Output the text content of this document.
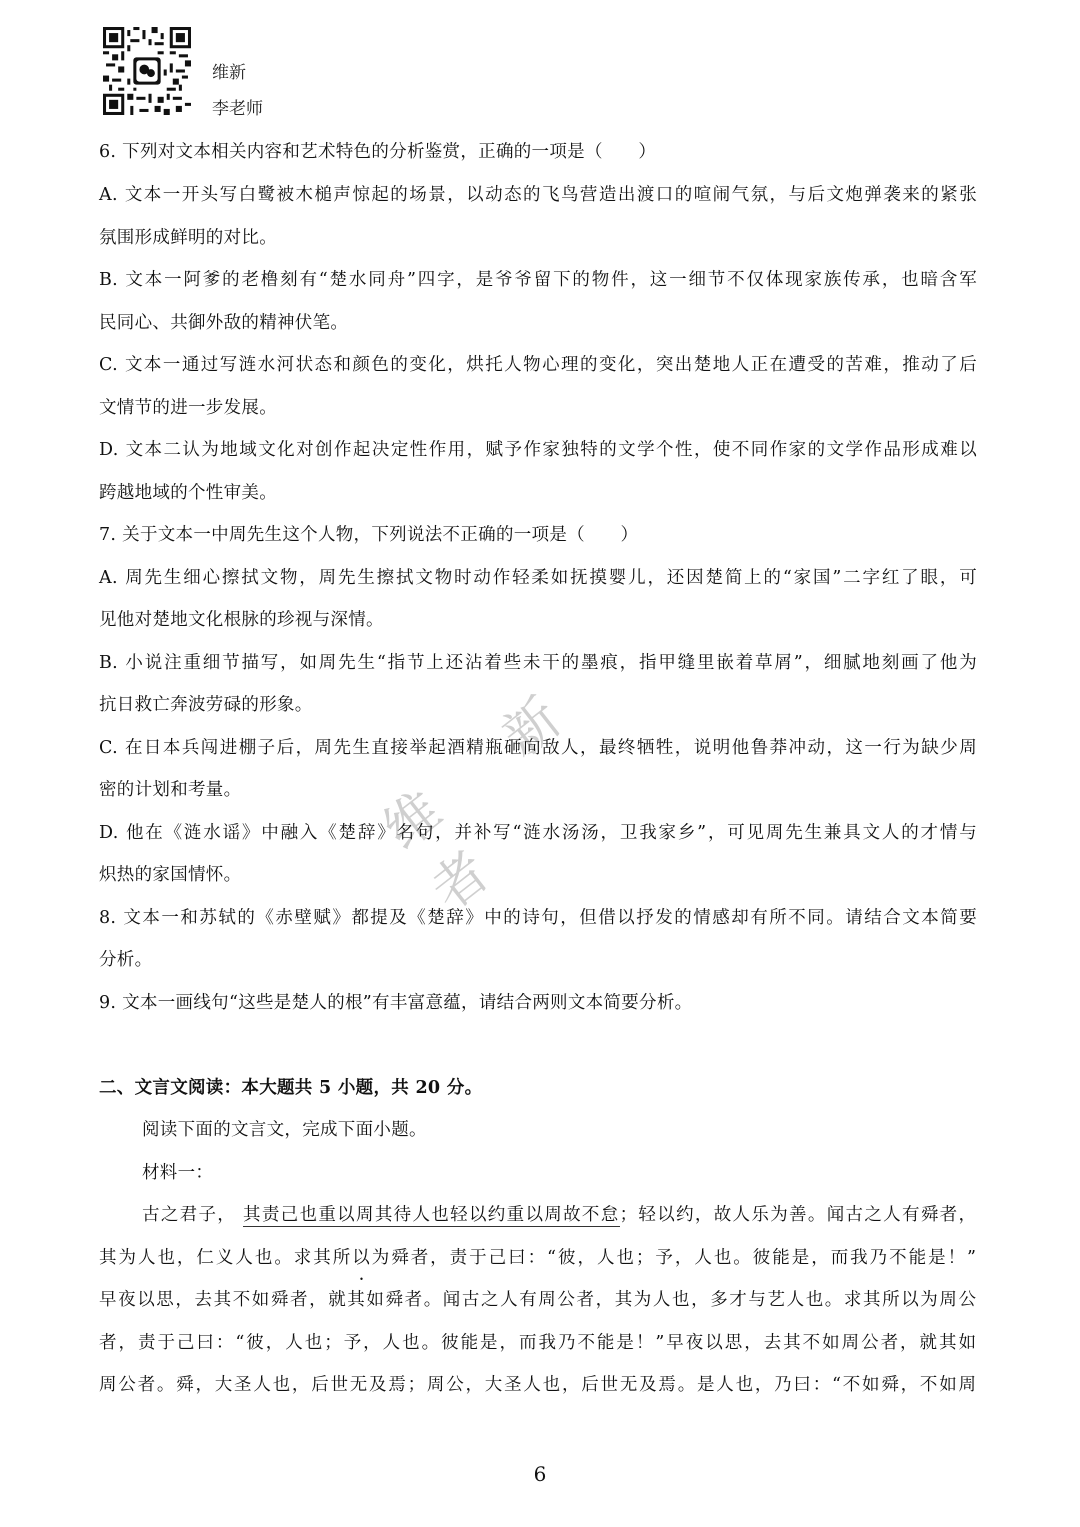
维新
李老师
维 新 者
6. 下列对文本相关内容和艺术特色的分析鉴赏，正确的一项是（　　）
A. 文本一开头写白鹭被木槌声惊起的场景，以动态的飞鸟营造出渡口的喧闹气氛，与后文炮弹袭来的紧张
氛围形成鲜明的对比。
B. 文本一阿爹的老橹刻有“楚水同舟”四字，是爷爷留下的物件，这一细节不仅体现家族传承，也暗含军
民同心、共御外敌的精神伏笔。
C. 文本一通过写涟水河状态和颜色的变化，烘托人物心理的变化，突出楚地人正在遭受的苦难，推动了后
文情节的进一步发展。
D. 文本二认为地域文化对创作起决定性作用，赋予作家独特的文学个性，使不同作家的文学作品形成难以
跨越地域的个性审美。
7. 关于文本一中周先生这个人物，下列说法不正确的一项是（　　）
A. 周先生细心擦拭文物，周先生擦拭文物时动作轻柔如抚摸婴儿，还因楚简上的“家国”二字红了眼，可
见他对楚地文化根脉的珍视与深情。
B. 小说注重细节描写，如周先生“指节上还沾着些未干的墨痕，指甲缝里嵌着草屑”，细腻地刻画了他为
抗日救亡奔波劳碌的形象。
C. 在日本兵闯进棚子后，周先生直接举起酒精瓶砸向敌人，最终牺牲，说明他鲁莽冲动，这一行为缺少周
密的计划和考量。
D. 他在《涟水谣》中融入《楚辞》名句，并补写“涟水汤汤，卫我家乡”，可见周先生兼具文人的才情与
炽热的家国情怀。
8. 文本一和苏轼的《赤壁赋》都提及《楚辞》中的诗句，但借以抒发的情感却有所不同。请结合文本简要
分析。
9. 文本一画线句“这些是楚人的根”有丰富意蕴，请结合两则文本简要分析。
二、文言文阅读：本大题共 5 小题，共 20 分。
阅读下面的文言文，完成下面小题。
材料一：
古之君子， 其责己也重以周其待人也轻以约重以周故不怠；轻以约，故人乐为善。闻古之人有舜者，
其为人也，仁义人也。求其所以为舜者，责于己曰：“彼，人也；予，人也。彼能是，而我乃不能是！”
早夜以思，去其不如舜者，就其如舜者。闻古之人有周公者，其为人也，多才与艺人也。求其所以为周公
者，责于己曰：“彼，人也；予，人也。彼能是，而我乃不能是！”早夜以思，去其不如周公者，就其如
周公者。舜，大圣人也，后世无及焉；周公，大圣人也，后世无及焉。是人也，乃曰：“不如舜，不如周
6
